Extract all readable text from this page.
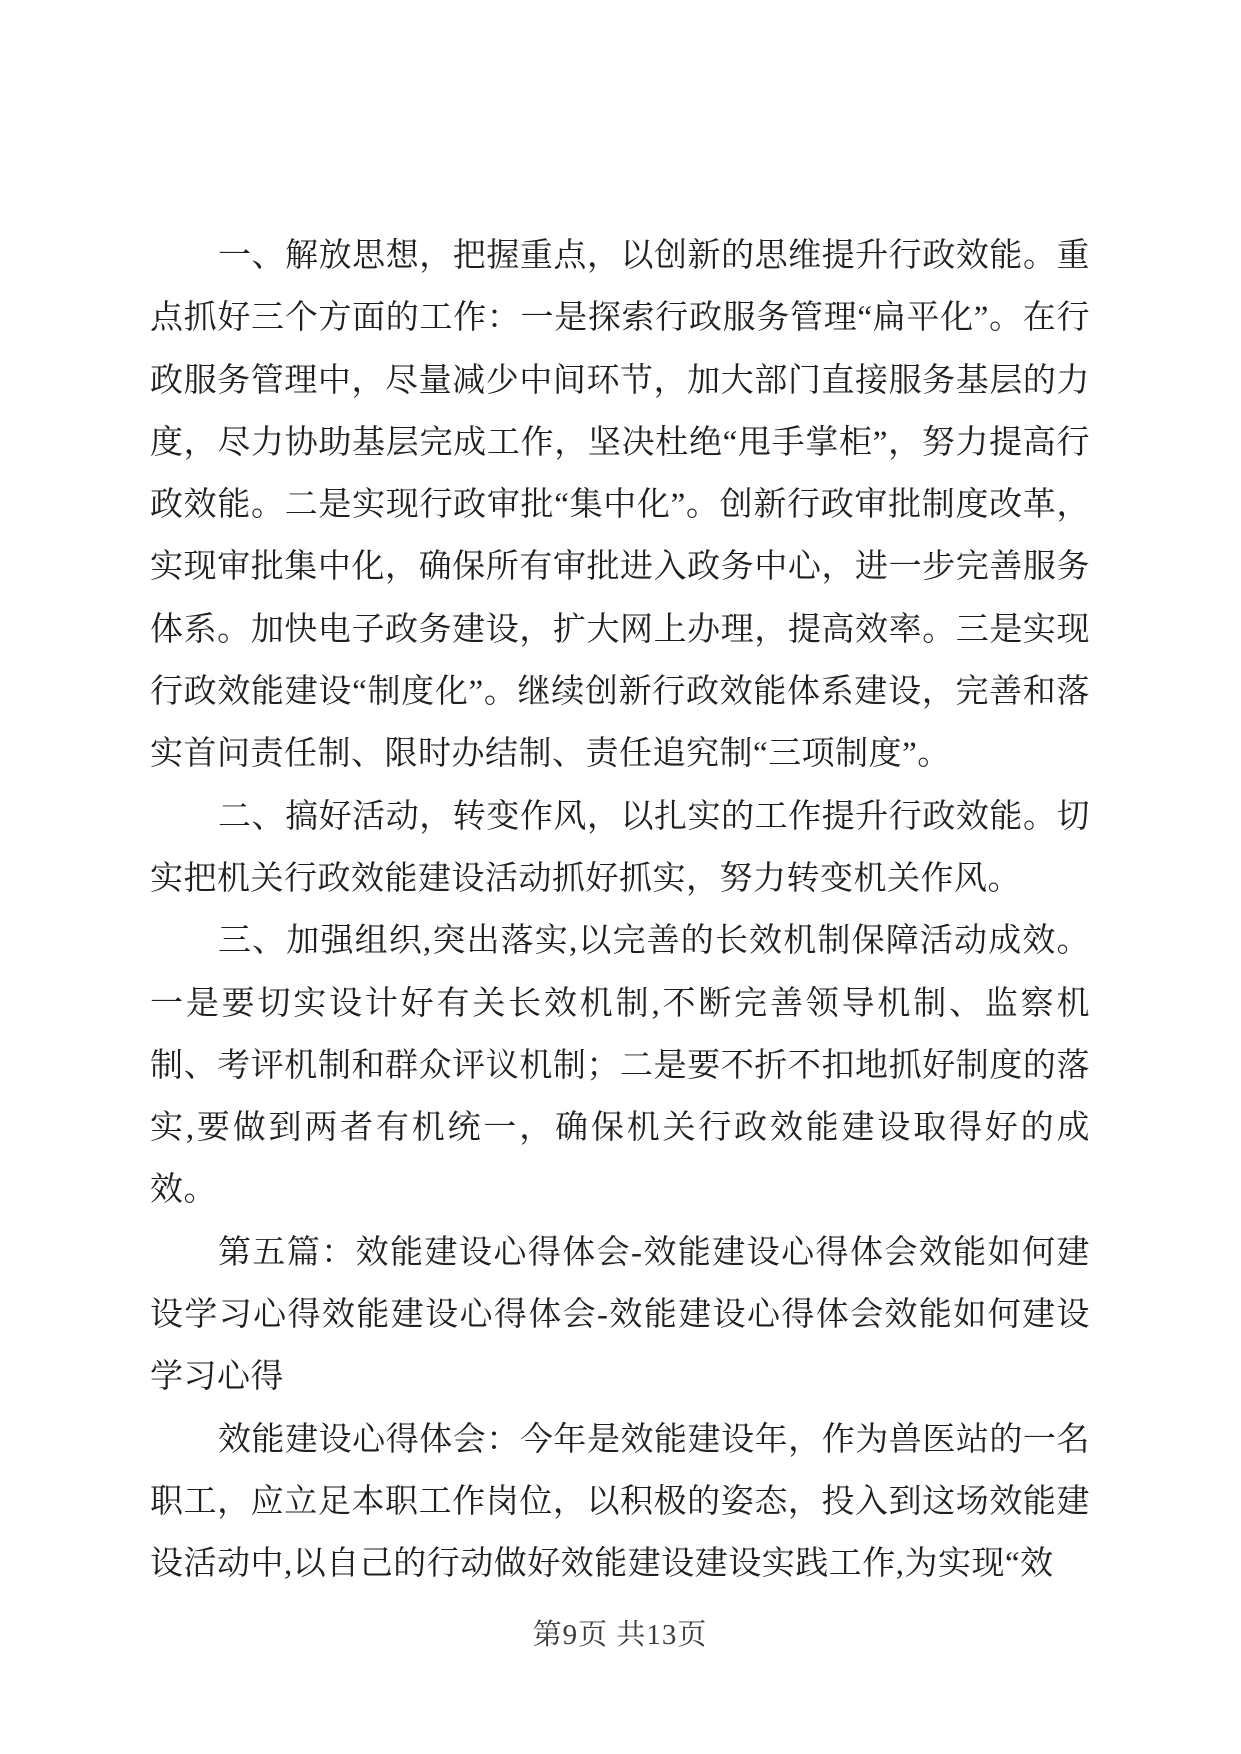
一、解放思想，把握重点，以创新的思维提升行政效能。重点抓好三个方面的工作：一是探索行政服务管理“扁平化”。在行政服务管理中，尽量减少中间环节，加大部门直接服务基层的力度，尽力协助基层完成工作，坚决杜绝“甩手掌柜”，努力提高行政效能。二是实现行政审批“集中化”。创新行政审批制度改革，实现审批集中化，确保所有审批进入政务中心，进一步完善服务体系。加快电子政务建设，扩大网上办理，提高效率。三是实现行政效能建设“制度化”。继续创新行政效能体系建设，完善和落实首问责任制、限时办结制、责任追究制“三项制度”。

二、搞好活动，转变作风，以扎实的工作提升行政效能。切实把机关行政效能建设活动抓好抓实，努力转变机关作风。

三、加强组织,突出落实,以完善的长效机制保障活动成效。一是要切实设计好有关长效机制,不断完善领导机制、监察机制、考评机制和群众评议机制；二是要不折不扣地抓好制度的落实,要做到两者有机统一，确保机关行政效能建设取得好的成效。

第五篇：效能建设心得体会-效能建设心得体会效能如何建设学习心得效能建设心得体会-效能建设心得体会效能如何建设学习心得

效能建设心得体会：今年是效能建设年，作为兽医站的一名职工，应立足本职工作岗位，以积极的姿态，投入到这场效能建设活动中,以自己的行动做好效能建设建设实践工作,为实现“效

第9页 共13页
